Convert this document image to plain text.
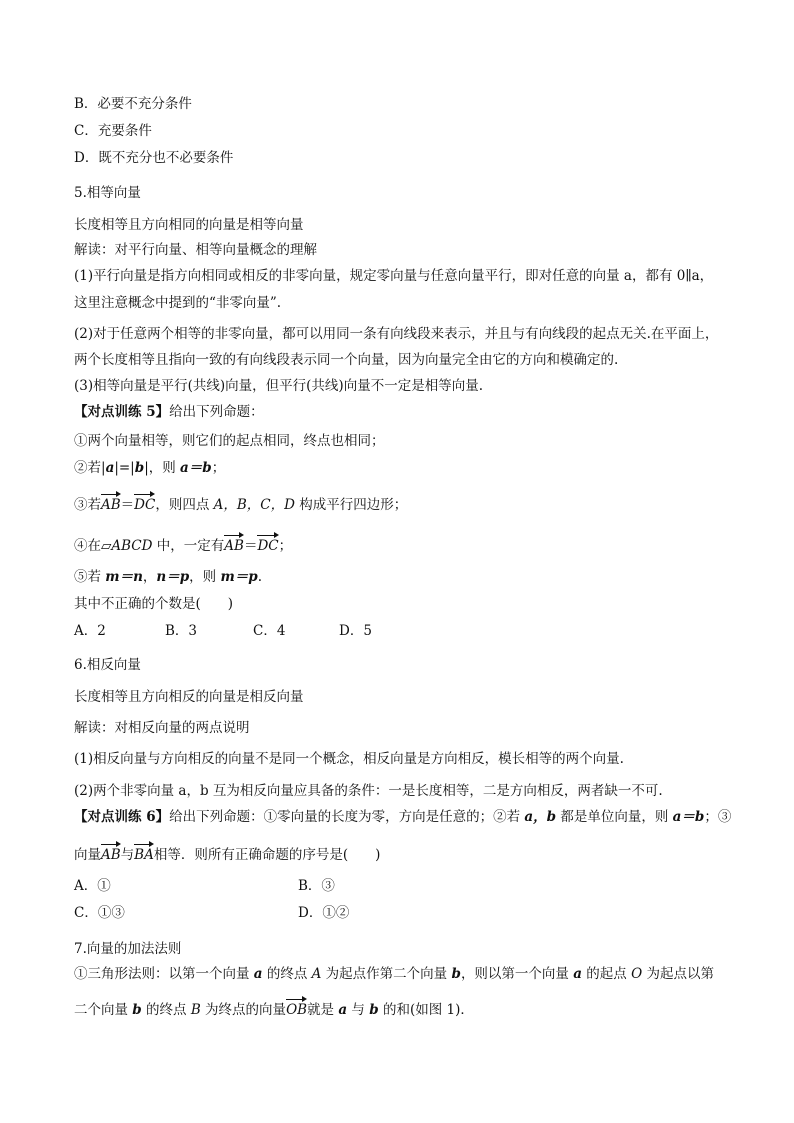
B．必要不充分条件
C．充要条件
D．既不充分也不必要条件
5.相等向量
长度相等且方向相同的向量是相等向量
解读：对平行向量、相等向量概念的理解
(1)平行向量是指方向相同或相反的非零向量，规定零向量与任意向量平行，即对任意的向量 a，都有 0∥a，
这里注意概念中提到的“非零向量”.
(2)对于任意两个相等的非零向量，都可以用同一条有向线段来表示，并且与有向线段的起点无关.在平面上，
两个长度相等且指向一致的有向线段表示同一个向量，因为向量完全由它的方向和模确定的.
(3)相等向量是平行(共线)向量，但平行(共线)向量不一定是相等向量.
【对点训练 5】给出下列命题：
①两个向量相等，则它们的起点相同，终点也相同；
②若|a|=|b|，则 a＝b；
③若AB＝DC，则四点 A，B，C，D 构成平行四边形；
④在▱ABCD 中，一定有AB＝DC；
⑤若 m＝n，n＝p，则 m＝p.
其中不正确的个数是(　　)
A．2	B．3	C．4	D．5
6.相反向量
长度相等且方向相反的向量是相反向量
解读：对相反向量的两点说明
(1)相反向量与方向相反的向量不是同一个概念，相反向量是方向相反，模长相等的两个向量.
(2)两个非零向量 a，b 互为相反向量应具备的条件：一是长度相等，二是方向相反，两者缺一不可.
【对点训练 6】给出下列命题：①零向量的长度为零，方向是任意的；②若 a，b 都是单位向量，则 a＝b；③
向量AB与BA相等．则所有正确命题的序号是(　　)
A．①	B．③
C．①③	D．①②
7.向量的加法法则
①三角形法则：以第一个向量 a 的终点 A 为起点作第二个向量 b，则以第一个向量 a 的起点 O 为起点以第
二个向量 b 的终点 B 为终点的向量OB就是 a 与 b 的和(如图 1)．
